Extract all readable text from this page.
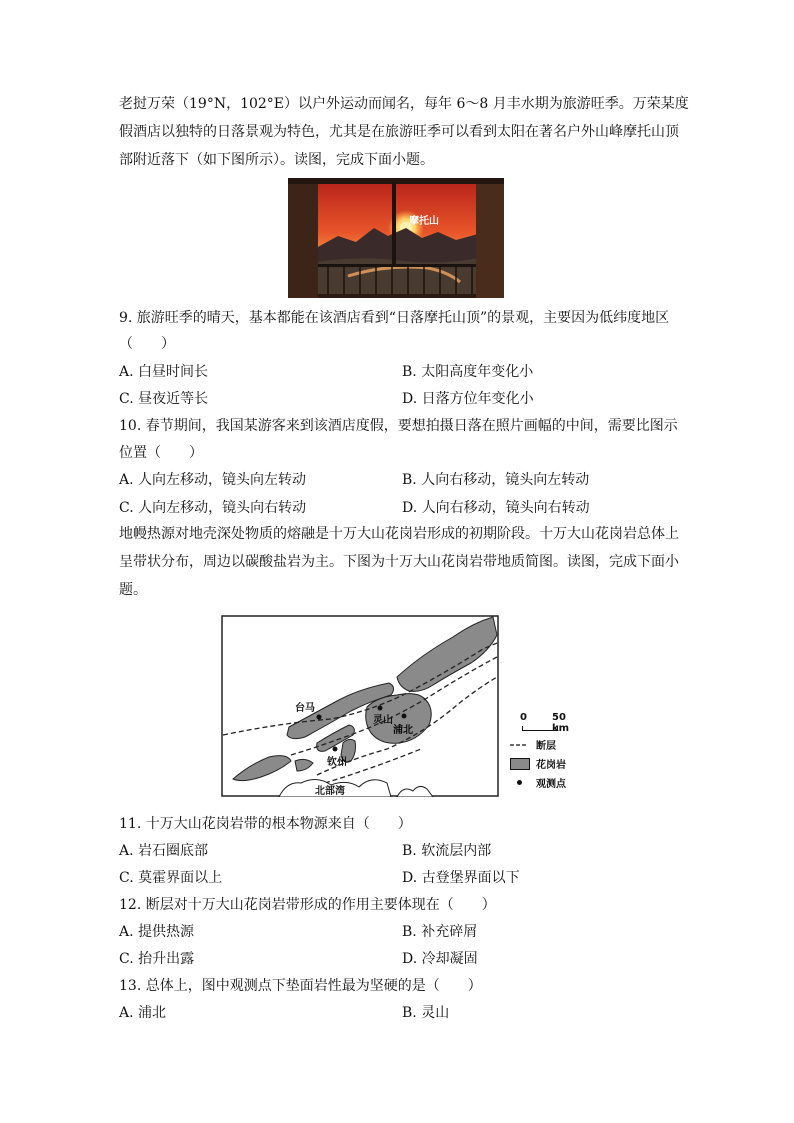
老挝万荣（19°N，102°E）以户外运动而闻名，每年 6～8 月丰水期为旅游旺季。万荣某度
假酒店以独特的日落景观为特色，尤其是在旅游旺季可以看到太阳在著名户外山峰摩托山顶
部附近落下（如下图所示）。读图，完成下面小题。
摩托山
9. 旅游旺季的晴天，基本都能在该酒店看到“日落摩托山顶”的景观，主要因为低纬度地区
（　　）
A. 白昼时间长	B. 太阳高度年变化小
C. 昼夜近等长	D. 日落方位年变化小
10. 春节期间，我国某游客来到该酒店度假，要想拍摄日落在照片画幅的中间，需要比图示
位置（　　）
A. 人向左移动，镜头向左转动	B. 人向右移动，镜头向左转动
C. 人向左移动，镜头向右转动	D. 人向右移动，镜头向右转动
地幔热源对地壳深处物质的熔融是十万大山花岗岩形成的初期阶段。十万大山花岗岩总体上
呈带状分布，周边以碳酸盐岩为主。下图为十万大山花岗岩带地质简图。读图，完成下面小
题。
台马
灵山
浦北
钦州
北部湾
0	50 km
断层
花岗岩
观测点
11. 十万大山花岗岩带的根本物源来自（　　）
A. 岩石圈底部	B. 软流层内部
C. 莫霍界面以上	D. 古登堡界面以下
12. 断层对十万大山花岗岩带形成的作用主要体现在（　　）
A. 提供热源	B. 补充碎屑
C. 抬升出露	D. 冷却凝固
13. 总体上，图中观测点下垫面岩性最为坚硬的是（　　）
A. 浦北	B. 灵山
